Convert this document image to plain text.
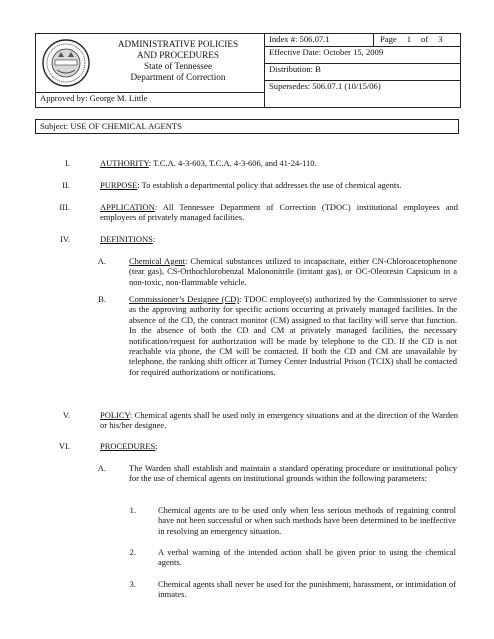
ADMINISTRATIVE POLICIES
AND PROCEDURES
State of Tennessee
Department of Correction
	Index #: 506.07.1	Page 1 of 3

Effective Date: October 15, 2009
Distribution: B
Supersedes: 506.07.1 (10/15/06)
Approved by: George M. Little
Subject: USE OF CHEMICAL AGENTS
I.	AUTHORITY: T.C.A. 4-3-603, T.C.A. 4-3-606, and 41-24-110.
II.	PURPOSE: To establish a departmental policy that addresses the use of chemical agents.
III.	APPLICATION: All Tennessee Department of Correction (TDOC) institutional employees and employees of privately managed facilities.
IV.	DEFINITIONS:
A.	Chemical Agent: Chemical substances utilized to incapacitate, either CN-Chloroacetophenone (tear gas), CS-Orthochlorobenzal Malononitrile (irritant gas), or OC-Oleoresin Capsicum in a non-toxic, non-flammable vehicle.
B.	Commissioner’s Designee (CD): TDOC employee(s) authorized by the Commissioner to serve as the approving authority for specific actions occurring at privately managed facilities. In the absence of the CD, the contract monitor (CM) assigned to that facility will serve that function. In the absence of both the CD and CM at privately managed facilities, the necessary notification/request for authorization will be made by telephone to the CD. If the CD is not reachable via phone, the CM will be contacted. If both the CD and CM are unavailable by telephone, the ranking shift officer at Turney Center Industrial Prison (TCIX) shall be contacted for required authorizations or notifications.
V.	POLICY: Chemical agents shall be used only in emergency situations and at the direction of the Warden or his/her designee.
VI.	PROCEDURES:
A.	The Warden shall establish and maintain a standard operating procedure or institutional policy for the use of chemical agents on institutional grounds within the following parameters:
1.	Chemical agents are to be used only when less serious methods of regaining control have not been successful or when such methods have been determined to be ineffective in resolving an emergency situation.
2.	A verbal warning of the intended action shall be given prior to using the chemical agents.
3.	Chemical agents shall never be used for the punishment, harassment, or intimidation of inmates.
